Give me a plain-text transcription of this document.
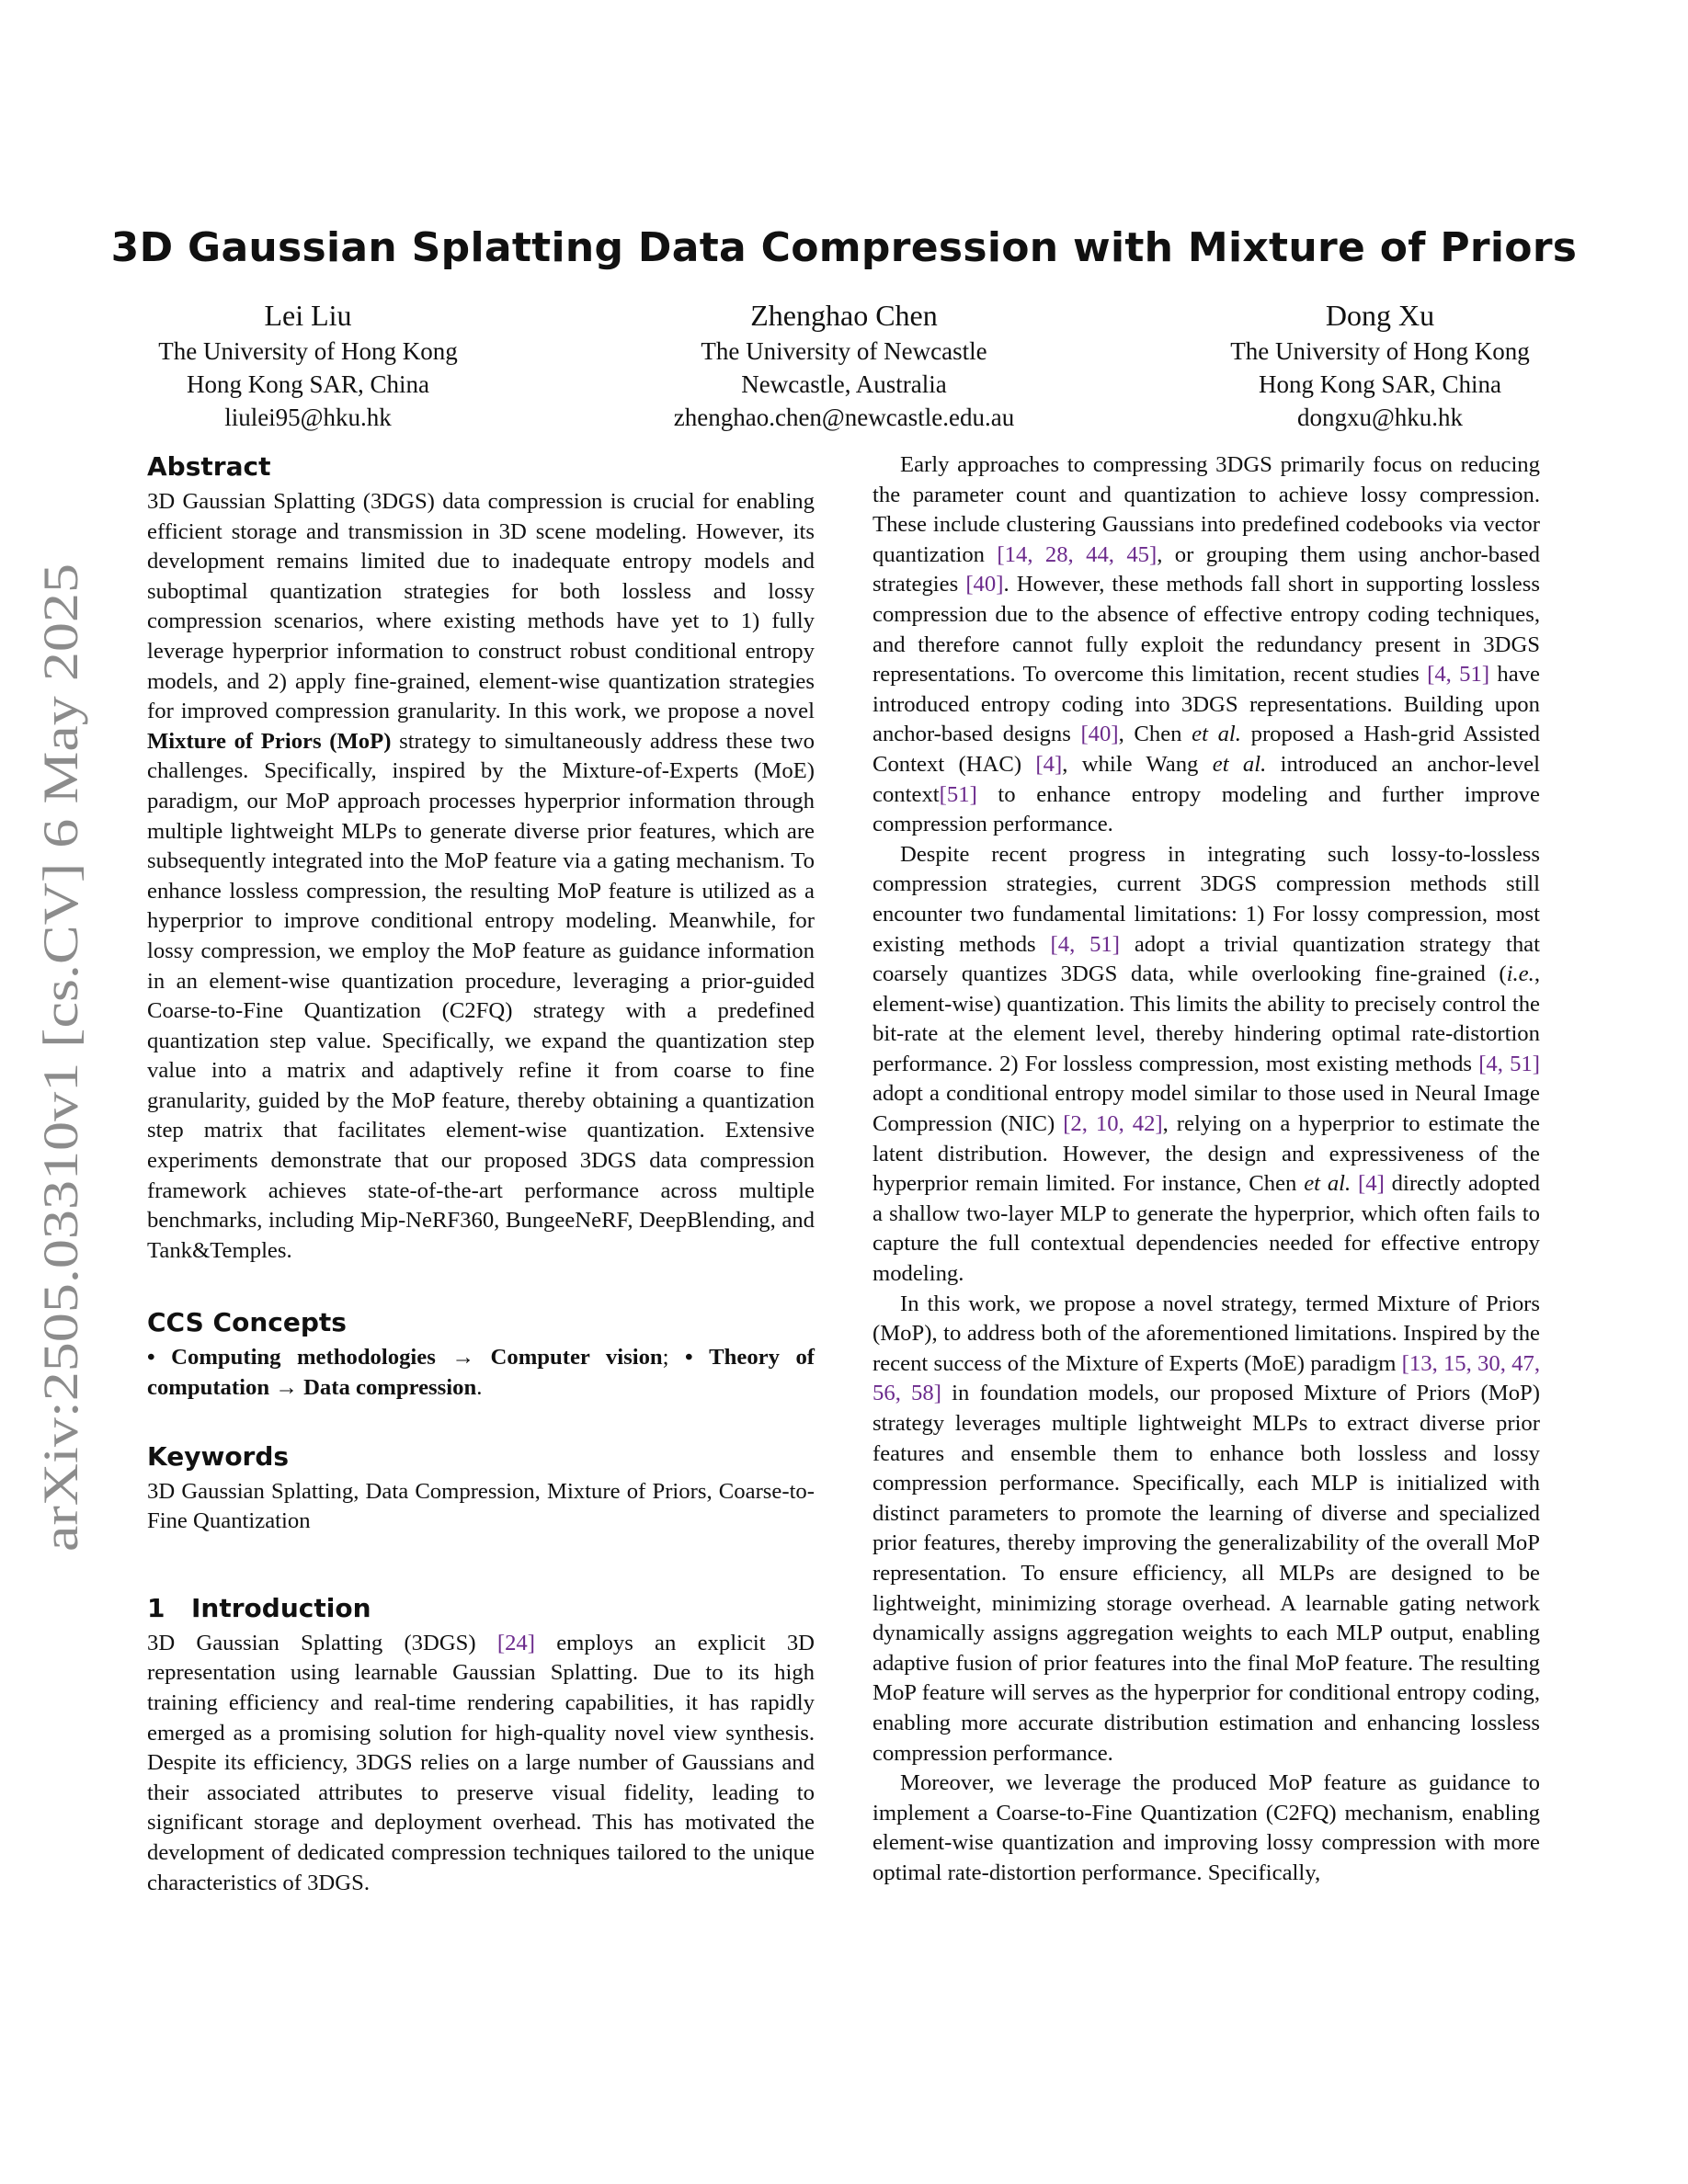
arXiv:2505.03310v1 [cs.CV] 6 May 2025
3D Gaussian Splatting Data Compression with Mixture of Priors
Lei Liu
The University of Hong Kong
Hong Kong SAR, China
liulei95@hku.hk
Zhenghao Chen
The University of Newcastle
Newcastle, Australia
zhenghao.chen@newcastle.edu.au
Dong Xu
The University of Hong Kong
Hong Kong SAR, China
dongxu@hku.hk
Abstract

3D Gaussian Splatting (3DGS) data compression is crucial for enabling efficient storage and transmission in 3D scene modeling. However, its development remains limited due to inadequate entropy models and suboptimal quantization strategies for both lossless and lossy compression scenarios, where existing methods have yet to 1) fully leverage hyperprior information to construct robust conditional entropy models, and 2) apply fine-grained, element-wise quantization strategies for improved compression granularity. In this work, we propose a novel Mixture of Priors (MoP) strategy to simultaneously address these two challenges. Specifically, inspired by the Mixture-of-Experts (MoE) paradigm, our MoP approach processes hyperprior information through multiple lightweight MLPs to generate diverse prior features, which are subsequently integrated into the MoP feature via a gating mechanism. To enhance lossless compression, the resulting MoP feature is utilized as a hyperprior to improve conditional entropy modeling. Meanwhile, for lossy compression, we employ the MoP feature as guidance information in an element-wise quantization procedure, leveraging a prior-guided Coarse-to-Fine Quantization (C2FQ) strategy with a predefined quantization step value. Specifically, we expand the quantization step value into a matrix and adaptively refine it from coarse to fine granularity, guided by the MoP feature, thereby obtaining a quantization step matrix that facilitates element-wise quantization. Extensive experiments demonstrate that our proposed 3DGS data compression framework achieves state-of-the-art performance across multiple benchmarks, including Mip-NeRF360, BungeeNeRF, DeepBlending, and Tank&Temples.

CCS Concepts

• Computing methodologies → Computer vision; • Theory of computation → Data compression.

Keywords

3D Gaussian Splatting, Data Compression, Mixture of Priors, Coarse-to-Fine Quantization

1 Introduction

3D Gaussian Splatting (3DGS) [24] employs an explicit 3D representation using learnable Gaussian Splatting. Due to its high training efficiency and real-time rendering capabilities, it has rapidly emerged as a promising solution for high-quality novel view synthesis. Despite its efficiency, 3DGS relies on a large number of Gaussians and their associated attributes to preserve visual fidelity, leading to significant storage and deployment overhead. This has motivated the development of dedicated compression techniques tailored to the unique characteristics of 3DGS.

Early approaches to compressing 3DGS primarily focus on reducing the parameter count and quantization to achieve lossy compression. These include clustering Gaussians into predefined codebooks via vector quantization [14, 28, 44, 45], or grouping them using anchor-based strategies [40]. However, these methods fall short in supporting lossless compression due to the absence of effective entropy coding techniques, and therefore cannot fully exploit the redundancy present in 3DGS representations. To overcome this limitation, recent studies [4, 51] have introduced entropy coding into 3DGS representations. Building upon anchor-based designs [40], Chen et al. proposed a Hash-grid Assisted Context (HAC) [4], while Wang et al. introduced an anchor-level context[51] to enhance entropy modeling and further improve compression performance.

Despite recent progress in integrating such lossy-to-lossless compression strategies, current 3DGS compression methods still encounter two fundamental limitations: 1) For lossy compression, most existing methods [4, 51] adopt a trivial quantization strategy that coarsely quantizes 3DGS data, while overlooking fine-grained (i.e., element-wise) quantization. This limits the ability to precisely control the bit-rate at the element level, thereby hindering optimal rate-distortion performance. 2) For lossless compression, most existing methods [4, 51] adopt a conditional entropy model similar to those used in Neural Image Compression (NIC) [2, 10, 42], relying on a hyperprior to estimate the latent distribution. However, the design and expressiveness of the hyperprior remain limited. For instance, Chen et al. [4] directly adopted a shallow two-layer MLP to generate the hyperprior, which often fails to capture the full contextual dependencies needed for effective entropy modeling.

In this work, we propose a novel strategy, termed Mixture of Priors (MoP), to address both of the aforementioned limitations. Inspired by the recent success of the Mixture of Experts (MoE) paradigm [13, 15, 30, 47, 56, 58] in foundation models, our proposed Mixture of Priors (MoP) strategy leverages multiple lightweight MLPs to extract diverse prior features and ensemble them to enhance both lossless and lossy compression performance. Specifically, each MLP is initialized with distinct parameters to promote the learning of diverse and specialized prior features, thereby improving the generalizability of the overall MoP representation. To ensure efficiency, all MLPs are designed to be lightweight, minimizing storage overhead. A learnable gating network dynamically assigns aggregation weights to each MLP output, enabling adaptive fusion of prior features into the final MoP feature. The resulting MoP feature will serves as the hyperprior for conditional entropy coding, enabling more accurate distribution estimation and enhancing lossless compression performance.

Moreover, we leverage the produced MoP feature as guidance to implement a Coarse-to-Fine Quantization (C2FQ) mechanism, enabling element-wise quantization and improving lossy compression with more optimal rate-distortion performance. Specifically,
